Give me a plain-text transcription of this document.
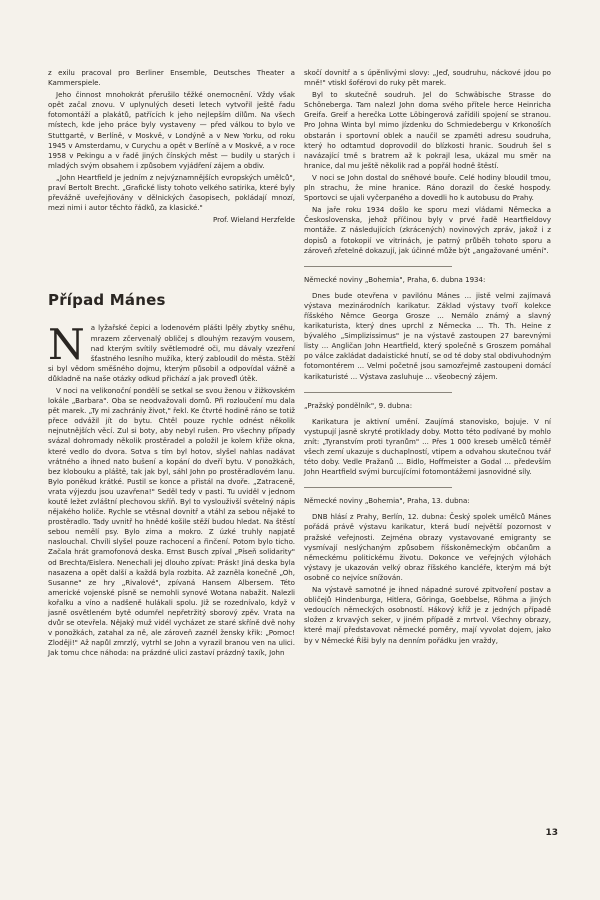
z exilu pracoval pro Berliner Ensemble, Deutsches Theater a Kammerspiele.

Jeho činnost mnohokrát přerušilo těžké onemocnění. Vždy však opět začal znovu. V uplynulých deseti letech vytvořil ještě řadu fotomontáží a plakátů, patřících k jeho nejlepším dílům. Na všech místech, kde jeho práce byly vystaveny — před válkou to bylo ve Stuttgartě, v Berlíně, v Moskvě, v Londýně a v New Yorku, od roku 1945 v Amsterdamu, v Curychu a opět v Berlíně a v Moskvě, a v roce 1958 v Pekingu a v řadě jiných čínských měst — budily u starých i mladých svým obsahem i způsobem vyjádření zájem a obdiv.

„John Heartfield je jedním z nejvýznamnějších evropských umělců", praví Bertolt Brecht. „Grafické listy tohoto velkého satirika, které byly převážně uveřejňovány v dělnických časopisech, pokládají mnozí, mezi nimi i autor těchto řádků, za klasické."

Prof. Wieland Herzfelde
Případ Mánes

Na lyžařské čepici a lodenovém plášti lpěly zbytky sněhu, mrazem zčervenalý obličej s dlouhým rezavým vousem, nad kterým svítily světlemodré oči, mu dávaly vzezření šťastného lesního mužíka, který zabloudil do města. Stěží si byl vědom směšného dojmu, kterým působil a odpovídal vážně a důkladně na naše otázky odkud přichází a jak proveďl útěk.

V noci na velikonoční pondělí se setkal se svou ženou v žižkovském lokále „Barbara". Oba se neodvažovali domů. Při rozloučení mu dala pět marek. „Ty mi zachrániy život," řekl. Ke čtvrté hodině ráno se totiž přece odvážil jít do bytu. Chtěl pouze rychle odnést několik nejnutnějších věcí. Zul si boty, aby nebyl rušen. Pro všechny případy svázal dohromady několik prostěradel a položil je kolem křiže okna, které vedlo do dvora. Sotva s tím byl hotov, slyšel nahlas nadávat vrátného a ihned nato bušení a kopání do dveří bytu. V ponožkách, bez klobouku a pláště, tak jak byl, sáhl John po prostěradlovém lanu. Bylo poněkud krátké. Pustil se konce a přistál na dvoře. „Zatraceně, vrata výjezdu jsou uzavřena!" Seděl tedy v pasti. Tu uviděl v jednom koutě ležet zvláštní plechovou skříň. Byl to vyslouživší světelný nápis nějakého holiče. Rychle se vtěsnal dovnitř a vtáhl za sebou nějaké to prostěradlo. Tady uvnitř ho hnědé košile stěží budou hledat. Na štěstí sebou nemělí psy. Bylo zima a mokro. Z úzké truhly napjatě naslouchal. Chvíli slyšel pouze rachocení a řinčení. Potom bylo ticho. Začala hrát gramofonová deska. Ernst Busch zpíval „Píseň solidarity" od Brechta/Eislera. Nenechali jej dlouho zpívat: Prásk! Jiná deska byla nasazena a opět další a každá byla rozbita. Až zazněla konečně „Oh, Susanne" ze hry „Rivalové", zpívaná Hansem Albersem. Této americké vojenské písně se nemohli synové Wotana nabažit. Nalezli kořalku a víno a nadšeně hulákali spolu. Již se rozednívalo, když v jasně osvětleném bytě odumřel nepřetržitý sborový zpěv. Vrata na dvůr se otevřela. Nějaký muž vidél vycházet ze staré skříně dvě nohy v ponožkách, zatahal za ně, ale zároveň zaznél žensky křik: „Pomoc! Zloději!" Až napůl zmrzlý, vytrhl se John a vyrazil branou ven na ulici. Jak tomu chce náhoda: na prázdné ulici zastaví prázdný taxík, John

skočí dovnitř a s úpěnlivými slovy: „Jeď, soudruhu, náckové jdou po mně!" vtiskl šoférovi do ruky pět marek.

Byl to skutečně soudruh. Jel do Schwäbische Strasse do Schöneberga. Tam nalezl John doma svého přítele herce Heinricha Greifa. Greif a herečka Lotte Löbingerová zařídili spojení se stranou. Pro Johna Winta byl mimo jízdenku do Schmiedebergu v Krkonoších obstarán i sportovní oblek a naučil se zpaměti adresu soudruha, který ho odtamtud doprovodil do blízkosti hranic. Soudruh šel s navázající tmě s bratrem až k pokrajl lesa, ukázal mu směr na hranice, dal mu ještě několik rad a popřál hodně štěstí.

V noci se John dostal do sněhové bouře. Celé hodiny bloudil tmou, pln strachu, že mine hranice. Ráno dorazil do české hospody. Sportovci se ujali vyčerpaného a dovedli ho k autobusu do Prahy.

Na jaře roku 1934 došlo ke sporu mezi vládami Německa a Československa, jehož příčinou byly v prvé řadě Heartfieldovy montáže. Z následujících (zkrácených) novinových zpráv, jakož i z dopisů a fotokopií ve vitrinách, je patrný průběh tohoto sporu a zároveň zřetelně dokazují, jak účinné může být „angažované umění".

Německé noviny „Bohemia", Praha, 6. dubna 1934:

Dnes bude otevřena v pavilónu Mánes ... jistě velmi zajímavá výstava mezinárodních karikatur. Základ výstavy tvoří kolekce říšského Němce Georga Grosze ... Nemálo známý a slavný karikaturista, který dnes uprchl z Německa ... Th. Th. Heine z bývalého „Simplizissimus" je na výstavě zastoupen 27 barevnými listy ... Angličan John Heartfield, který společně s Groszem pomáhal po válce zakládat dadaistické hnutí, se od té doby stal obdivuhodným fotomontérem ... Velmi početně jsou samozřejmě zastoupeni domácí karikaturisté ... Výstava zasluhuje ... všeobecný zájem.

„Pražský pondělník", 9. dubna:

Karikatura je aktivní umění. Zaujímá stanovisko, bojuje. V ní vystupují jasně skryté protiklady doby. Motto této podívané by mohlo znít: „Tyranstvím proti tyranům" ... Přes 1 000 kreseb umělců téměř všech zemí ukazuje s duchaplností, vtipem a odvahou skutečnou tvář této doby. Vedle Pražanů ... Bidlo, Hoffmeister a Godal ... především John Heartfield svými burcujícími fotomontážemi jasnovidné síly.

Německé noviny „Bohemia", Praha, 13. dubna:

DNB hlásí z Prahy, Berlín, 12. dubna: Český spolek umělců Mánes pořádá právě výstavu karikatur, která budí největší pozornost v pražské veřejnosti. Zejména obrazy vystavované emigranty se vysmívají neslýchaným způsobem říšskoněmeckým občanům a německému politickému životu. Dokonce ve veřejných výlohách výstavy je ukazován velký obraz říšského kancléře, kterým má být osobně co nejvíce snížován.

Na výstavě samotné je ihned nápadné surové zpitvoření postav a obličejů Hindenburga, Hitlera, Göringa, Goebbelse, Röhma a jiných vedoucích německých osobností. Hákový kříž je z jedných případě složen z krvavých seker, v jiném případě z mrtvol. Všechny obrazy, které mají představovat německé poměry, mají vyvolat dojem, jako by v Německé Říši byly na denním pořádku jen vraždy,

13
